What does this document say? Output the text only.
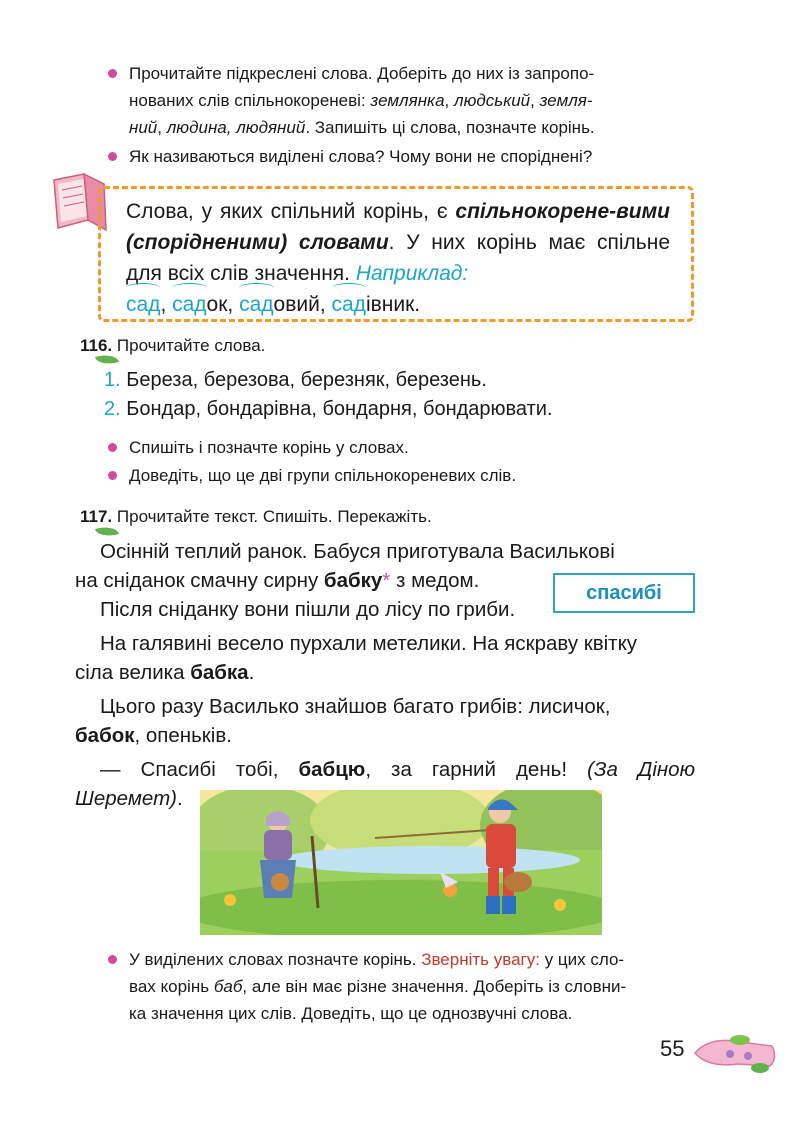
Прочитайте підкреслені слова. Доберіть до них із запропо-
нованих слів спільнокореневі: землянка, людський, земля-
ний, людина, людяний. Запишіть ці слова, позначте корінь.
Як називаються виділені слова? Чому вони не споріднені?
Слова, у яких спільний корінь, є спільнокорене-вими (спорідненими) словами. У них корінь має спільне для всіх слів значення. Наприклад:
сад
, сад
ок, сад
овий, сад
івник.
116. Прочитайте слова.
1. Береза, березова, березняк, березень.
2. Бондар, бондарівна, бондарня, бондарювати.
Спишіть і позначте корінь у словах.
Доведіть, що це дві групи спільнокореневих слів.
117. Прочитайте текст. Спишіть. Перекажіть.

Осінній теплий ранок. Бабуся приготувала Василькові

на сніданок смачну сирну бабку* з медом.

Після сніданку вони пішли до лісу по гриби.

На галявині весело пурхали метелики. На яскраву квітку

сіла велика бабка.

Цього разу Василько знайшов багато грибів: лисичок,

бабок, опеньків.

— Спасибі тобі, бабцю, за гарний день! (За Діною

Шеремет).

спасибі
У виділених словах позначте корінь. Зверніть увагу: у цих сло-
вах корінь баб, але він має різне значення. Доберіть із словни-
ка значення цих слів. Доведіть, що це однозвучні слова.
55
